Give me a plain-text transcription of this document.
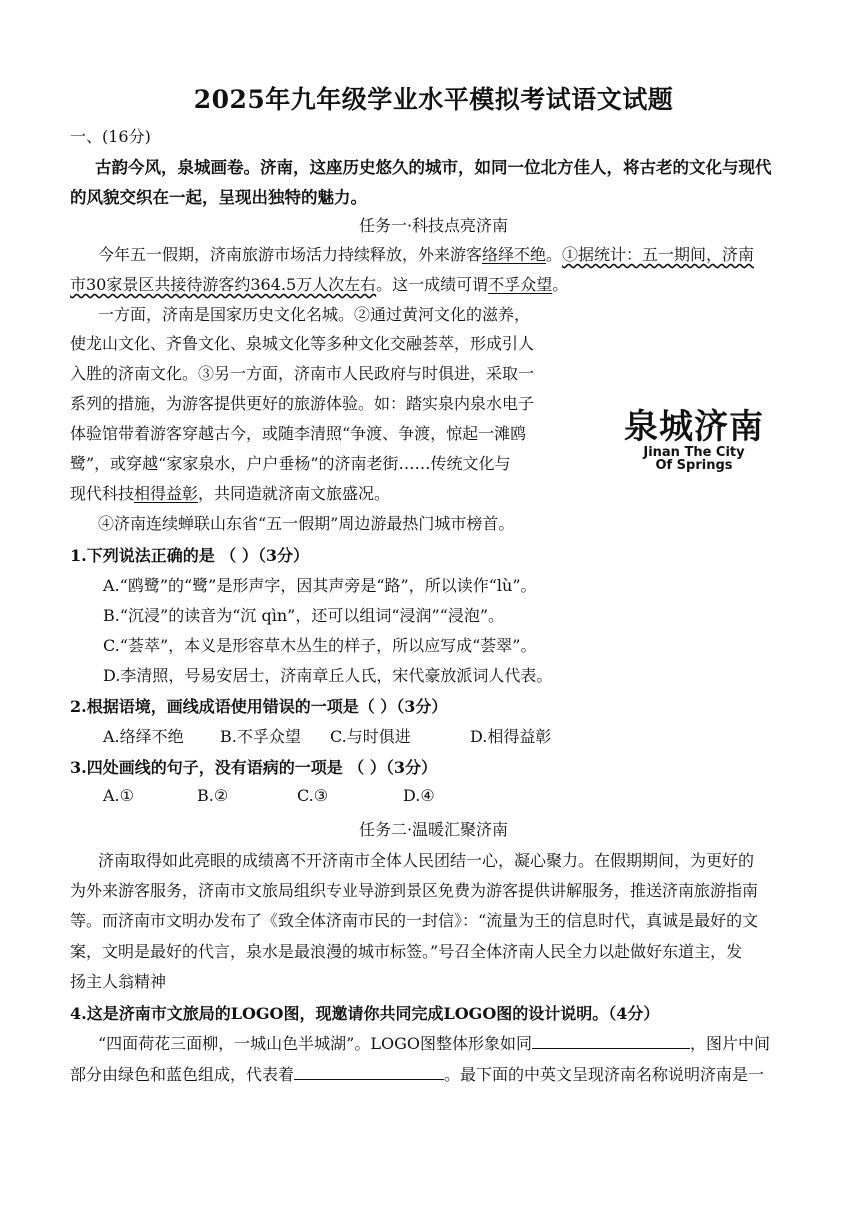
2025年九年级学业水平模拟考试语文试题
一、(16分)
古韵今风，泉城画卷。济南，这座历史悠久的城市，如同一位北方佳人，将古老的文化与现代
的风貌交织在一起，呈现出独特的魅力。
任务一·科技点亮济南
今年五一假期，济南旅游市场活力持续释放，外来游客络绎不绝。①据统计：五一期间，济南
市30家景区共接待游客约364.5万人次左右。这一成绩可谓不孚众望。
一方面，济南是国家历史文化名城。②通过黄河文化的滋养，
使龙山文化、齐鲁文化、泉城文化等多种文化交融荟萃，形成引人
入胜的济南文化。③另一方面，济南市人民政府与时俱进，采取一
系列的措施，为游客提供更好的旅游体验。如：踏实泉内泉水电子
体验馆带着游客穿越古今，或随李清照“争渡、争渡，惊起一滩鸥
鹭”，或穿越“家家泉水，户户垂杨”的济南老街……传统文化与
现代科技相得益彰，共同造就济南文旅盛况。
④济南连续蝉联山东省“五一假期”周边游最热门城市榜首。
泉城济南
Jinan The City
Of Springs
1.下列说法正确的是 （ ）（3分）
A.“鸥鹭”的“鹭”是形声字，因其声旁是“路”，所以读作“lù”。
B.“沉浸”的读音为“沉 qìn”，还可以组词“浸润”“浸泡”。
C.“荟萃”，本义是形容草木丛生的样子，所以应写成“荟翠”。
D.李清照，号易安居士，济南章丘人氏，宋代豪放派词人代表。
2.根据语境，画线成语使用错误的一项是（ ）（3分）
A.络绎不绝 B.不孚众望 C.与时俱进	D.相得益彰
3.四处画线的句子，没有语病的一项是 （ ）（3分）
A.①	B.②	C.③	D.④
任务二·温暖汇聚济南
济南取得如此亮眼的成绩离不开济南市全体人民团结一心，凝心聚力。在假期期间，为更好的
为外来游客服务，济南市文旅局组织专业导游到景区免费为游客提供讲解服务，推送济南旅游指南
等。而济南市文明办发布了《致全体济南市民的一封信》：“流量为王的信息时代，真诚是最好的文
案，文明是最好的代言，泉水是最浪漫的城市标签。”号召全体济南人民全力以赴做好东道主，发
扬主人翁精神
4.这是济南市文旅局的LOGO图，现邀请你共同完成LOGO图的设计说明。（4分）
“四面荷花三面柳，一城山色半城湖”。LOGO图整体形象如同	，图片中间
部分由绿色和蓝色组成，代表着	。最下面的中英文呈现济南名称说明济南是一
